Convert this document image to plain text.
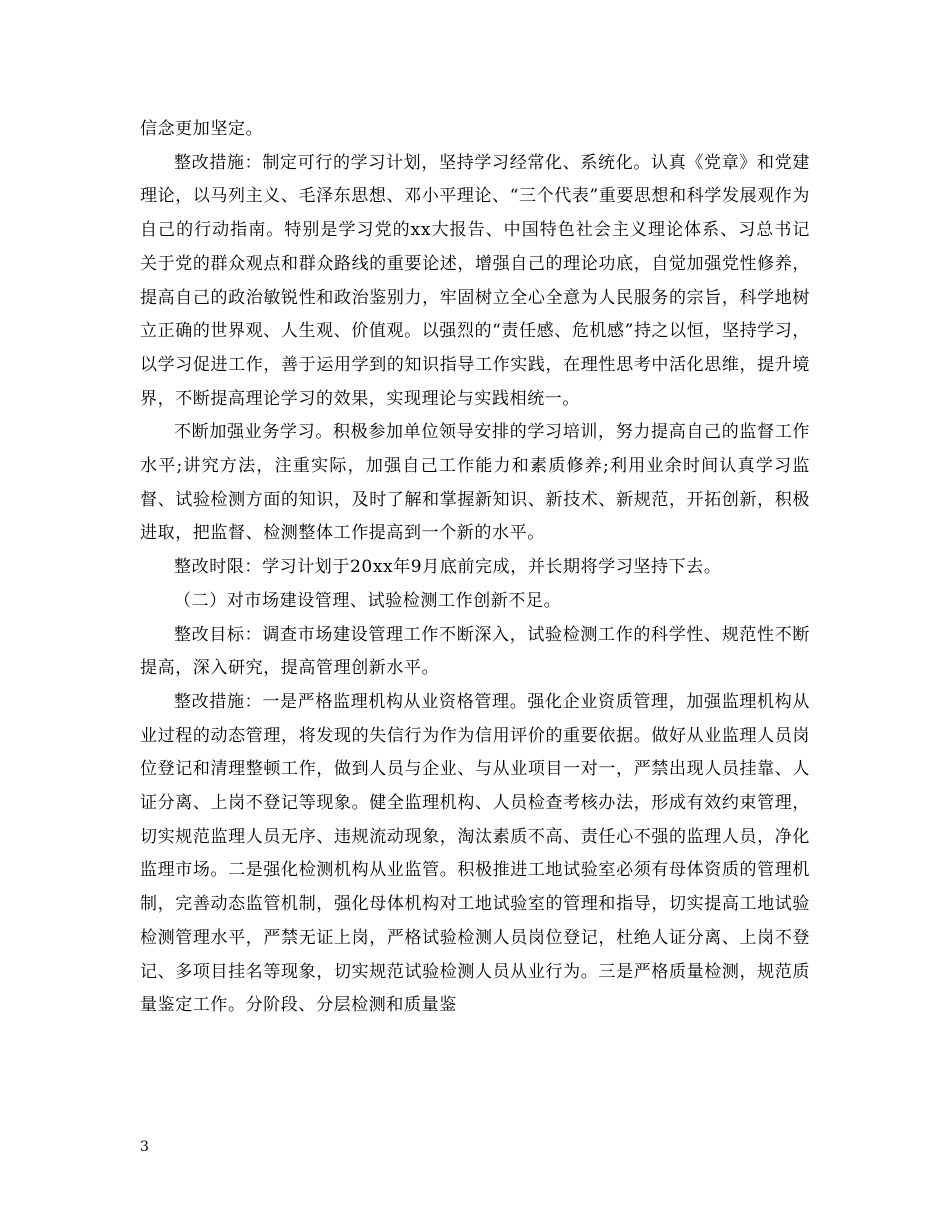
信念更加坚定。

整改措施：制定可行的学习计划，坚持学习经常化、系统化。认真《党章》和党建理论，以马列主义、毛泽东思想、邓小平理论、“三个代表”重要思想和科学发展观作为自己的行动指南。特别是学习党的xx大报告、中国特色社会主义理论体系、习总书记关于党的群众观点和群众路线的重要论述，增强自己的理论功底，自觉加强党性修养，提高自己的政治敏锐性和政治鉴别力，牢固树立全心全意为人民服务的宗旨，科学地树立正确的世界观、人生观、价值观。以强烈的“责任感、危机感”持之以恒，坚持学习，以学习促进工作，善于运用学到的知识指导工作实践，在理性思考中活化思维，提升境界，不断提高理论学习的效果，实现理论与实践相统一。

不断加强业务学习。积极参加单位领导安排的学习培训，努力提高自己的监督工作水平;讲究方法，注重实际，加强自己工作能力和素质修养;利用业余时间认真学习监督、试验检测方面的知识，及时了解和掌握新知识、新技术、新规范，开拓创新，积极进取，把监督、检测整体工作提高到一个新的水平。

整改时限：学习计划于20xx年9月底前完成，并长期将学习坚持下去。

（二）对市场建设管理、试验检测工作创新不足。

整改目标：调查市场建设管理工作不断深入，试验检测工作的科学性、规范性不断提高，深入研究，提高管理创新水平。

整改措施：一是严格监理机构从业资格管理。强化企业资质管理，加强监理机构从业过程的动态管理，将发现的失信行为作为信用评价的重要依据。做好从业监理人员岗位登记和清理整顿工作，做到人员与企业、与从业项目一对一，严禁出现人员挂靠、人证分离、上岗不登记等现象。健全监理机构、人员检查考核办法，形成有效约束管理，切实规范监理人员无序、违规流动现象，淘汰素质不高、责任心不强的监理人员，净化监理市场。二是强化检测机构从业监管。积极推进工地试验室必须有母体资质的管理机制，完善动态监管机制，强化母体机构对工地试验室的管理和指导，切实提高工地试验检测管理水平，严禁无证上岗，严格试验检测人员岗位登记，杜绝人证分离、上岗不登记、多项目挂名等现象，切实规范试验检测人员从业行为。三是严格质量检测，规范质量鉴定工作。分阶段、分层检测和质量鉴

3
